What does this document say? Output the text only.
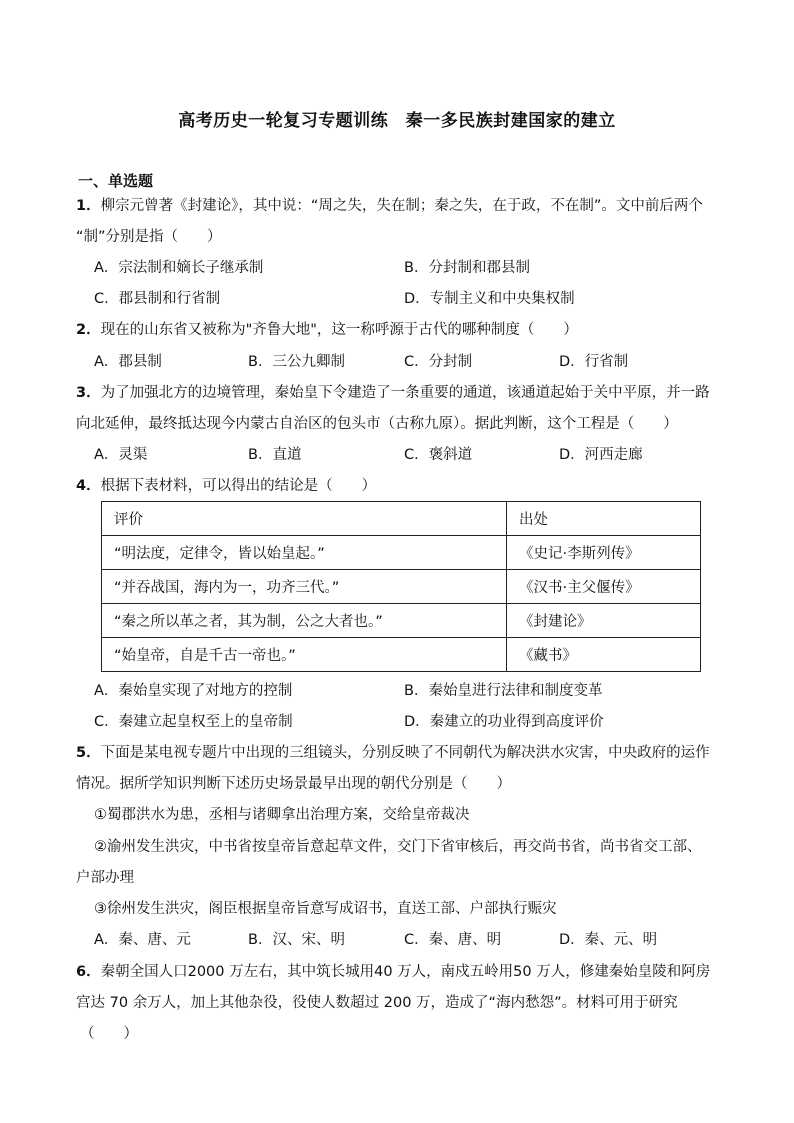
高考历史一轮复习专题训练　秦一多民族封建国家的建立
一、单选题
1．柳宗元曾著《封建论》，其中说：“周之失，失在制；秦之失，在于政，不在制”。文中前后两个
“制”分别是指（　　）
A．宗法制和嫡长子继承制	B．分封制和郡县制
C．郡县制和行省制	D．专制主义和中央集权制
2．现在的山东省又被称为"齐鲁大地"，这一称呼源于古代的哪种制度（　　）
A．郡县制	B．三公九卿制	C．分封制	D．行省制
3．为了加强北方的边境管理，秦始皇下令建造了一条重要的通道，该通道起始于关中平原，并一路
向北延伸，最终抵达现今内蒙古自治区的包头市（古称九原）。据此判断，这个工程是（　　）
A．灵渠	B．直道	C．褒斜道	D．河西走廊
4．根据下表材料，可以得出的结论是（　　）
评价	出处
“明法度，定律令，皆以始皇起。”	《史记·李斯列传》
“并吞战国，海内为一，功齐三代。”	《汉书·主父偃传》
“秦之所以革之者，其为制，公之大者也。”	《封建论》
“始皇帝，自是千古一帝也。”	《藏书》
A．秦始皇实现了对地方的控制	B．秦始皇进行法律和制度变革
C．秦建立起皇权至上的皇帝制	D．秦建立的功业得到高度评价
5．下面是某电视专题片中出现的三组镜头，分别反映了不同朝代为解决洪水灾害，中央政府的运作
情况。据所学知识判断下述历史场景最早出现的朝代分别是（　　）
①蜀郡洪水为患，丞相与诸卿拿出治理方案，交给皇帝裁决
②渝州发生洪灾，中书省按皇帝旨意起草文件，交门下省审核后，再交尚书省，尚书省交工部、
户部办理
③徐州发生洪灾，阁臣根据皇帝旨意写成诏书，直送工部、户部执行赈灾
A．秦、唐、元	B．汉、宋、明	C．秦、唐、明	D．秦、元、明
6．秦朝全国人口2000 万左右，其中筑长城用40 万人，南戍五岭用50 万人，修建秦始皇陵和阿房
宫达 70 余万人，加上其他杂役，役使人数超过 200 万，造成了“海内愁怨”。材料可用于研究
（　　）
